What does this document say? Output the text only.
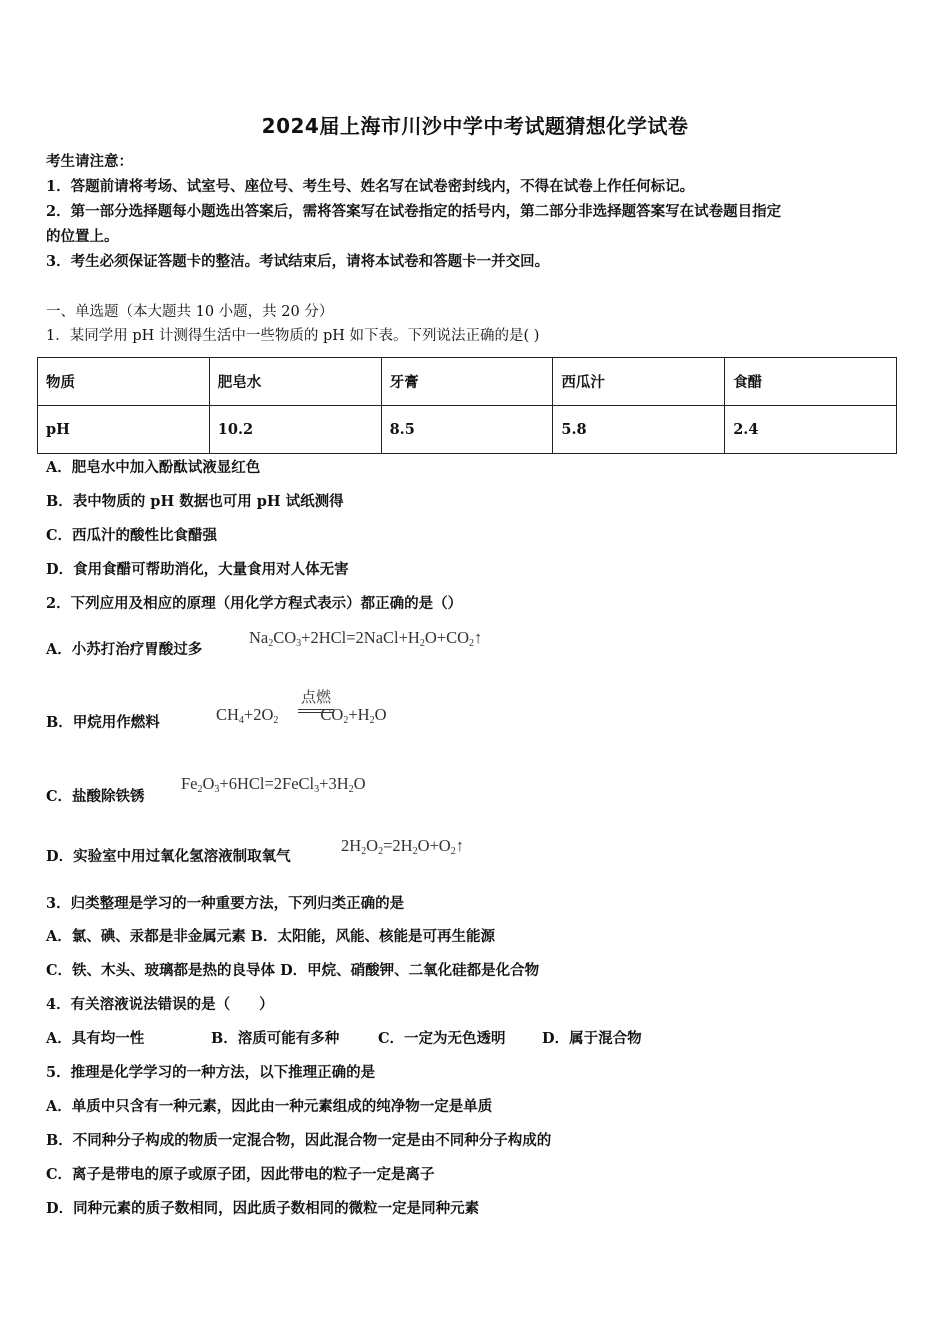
2024届上海市川沙中学中考试题猜想化学试卷
考生请注意：
1．答题前请将考场、试室号、座位号、考生号、姓名写在试卷密封线内，不得在试卷上作任何标记。
2．第一部分选择题每小题选出答案后，需将答案写在试卷指定的括号内，第二部分非选择题答案写在试卷题目指定
的位置上。
3．考生必须保证答题卡的整洁。考试结束后，请将本试卷和答题卡一并交回。
一、单选题（本大题共 10 小题，共 20 分）
1．某同学用 pH 计测得生活中一些物质的 pH 如下表。下列说法正确的是( )
物质	肥皂水	牙膏	西瓜汁	食醋
pH	10.2	8.5	5.8	2.4
A．肥皂水中加入酚酞试液显红色
B．表中物质的 pH 数据也可用 pH 试纸测得
C．西瓜汁的酸性比食醋强
D．食用食醋可帮助消化，大量食用对人体无害
2．下列应用及相应的原理（用化学方程式表示）都正确的是（）
A．小苏打治疗胃酸过多
$Na_2CO_3+2HCl=2NaCl+H_2O+CO_2↑$
B．甲烷用作燃料	$CH_4+2O_2$	$CO_2+H_2O$
点燃
C．盐酸除铁锈
$Fe_2O_3+6HCl=2FeCl_3+3H_2O$
D．实验室中用过氧化氢溶液制取氧气
$2H_2O_2=2H_2O+O_2↑$
3．归类整理是学习的一种重要方法，下列归类正确的是
A．氯、碘、汞都是非金属元素 B．太阳能，风能、核能是可再生能源
C．铁、木头、玻璃都是热的良导体 D．甲烷、硝酸钾、二氧化硅都是化合物
4．有关溶液说法错误的是（　　）
A．具有均一性	B．溶质可能有多种	C．一定为无色透明	D．属于混合物
5．推理是化学学习的一种方法，以下推理正确的是
A．单质中只含有一种元素，因此由一种元素组成的纯净物一定是单质
B．不同种分子构成的物质一定混合物，因此混合物一定是由不同种分子构成的
C．离子是带电的原子或原子团，因此带电的粒子一定是离子
D．同种元素的质子数相同，因此质子数相同的微粒一定是同种元素
